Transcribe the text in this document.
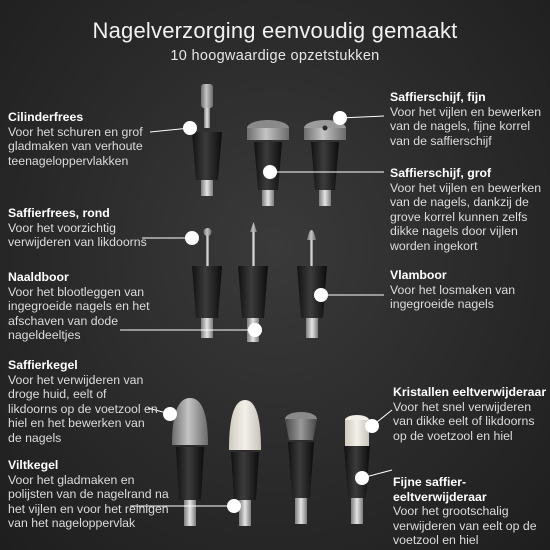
Nagelverzorging eenvoudig gemaakt
10 hoogwaardige opzetstukken
Cilinderfrees
Voor het schuren en grof gladmaken van verhoute teenageloppervlakken
Saffierfrees, rond
Voor het voorzichtig verwijderen van likdoorns
Naaldboor
Voor het blootleggen van ingegroeide nagels en het afschaven van dode nageldeeltjes
Saffierkegel
Voor het verwijderen van droge huid, eelt of likdoorns op de voetzool en hiel en het bewerken van de nagels
Viltkegel
Voor het gladmaken en polijsten van de nagelrand na het vijlen en voor het reinigen van het nageloppervlak
Saffierschijf, fijn
Voor het vijlen en bewerken van de nagels, fijne korrel van de saffierschijf
Saffierschijf, grof
Voor het vijlen en bewerken van de nagels, dankzij de grove korrel kunnen zelfs dikke nagels door vijlen worden ingekort
Vlamboor
Voor het losmaken van ingegroeide nagels
Kristallen eeltverwijderaar
Voor het snel verwijderen van dikke eelt of likdoorns op de voetzool en hiel
Fijne saffier-eeltverwijderaar
Voor het grootschalig verwijderen van eelt op de voetzool en hiel
